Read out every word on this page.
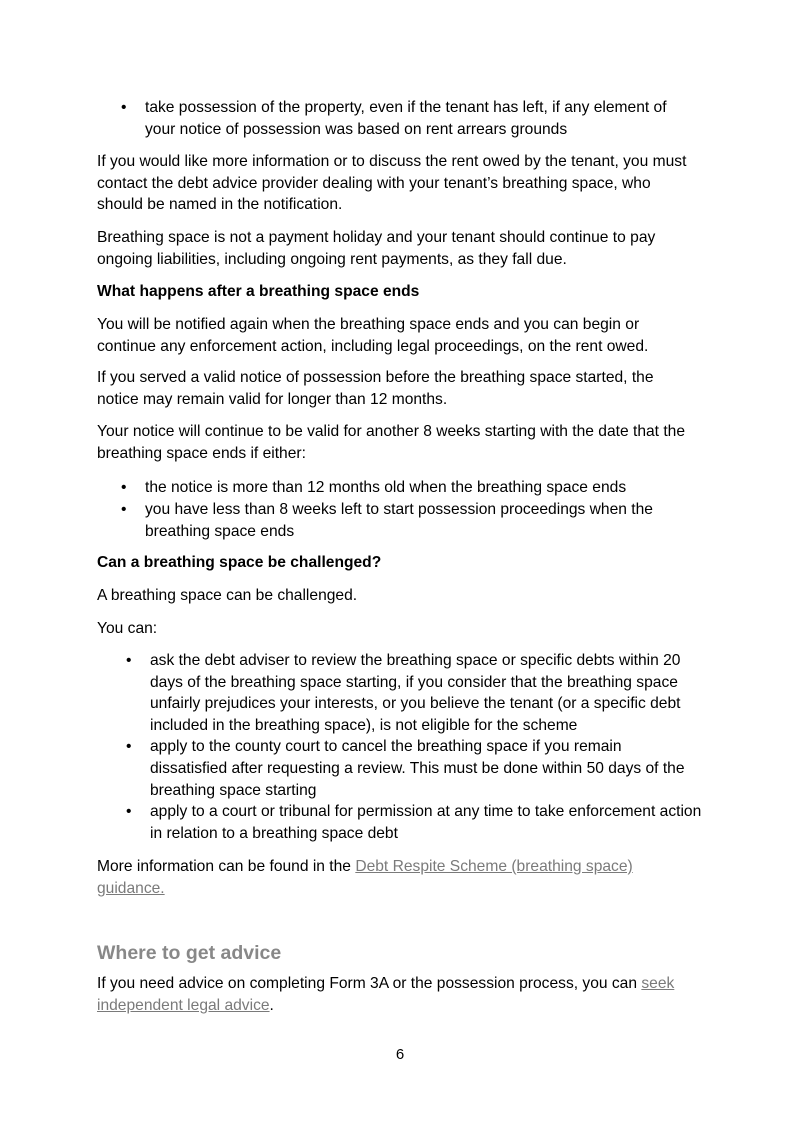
• take possession of the property, even if the tenant has left, if any element of your notice of possession was based on rent arrears grounds

If you would like more information or to discuss the rent owed by the tenant, you must contact the debt advice provider dealing with your tenant’s breathing space, who should be named in the notification.

Breathing space is not a payment holiday and your tenant should continue to pay ongoing liabilities, including ongoing rent payments, as they fall due.

What happens after a breathing space ends

You will be notified again when the breathing space ends and you can begin or continue any enforcement action, including legal proceedings, on the rent owed.

If you served a valid notice of possession before the breathing space started, the notice may remain valid for longer than 12 months.

Your notice will continue to be valid for another 8 weeks starting with the date that the breathing space ends if either:

• the notice is more than 12 months old when the breathing space ends
• you have less than 8 weeks left to start possession proceedings when the breathing space ends

Can a breathing space be challenged?

A breathing space can be challenged.

You can:

• ask the debt adviser to review the breathing space or specific debts within 20 days of the breathing space starting, if you consider that the breathing space unfairly prejudices your interests, or you believe the tenant (or a specific debt included in the breathing space), is not eligible for the scheme
• apply to the county court to cancel the breathing space if you remain dissatisfied after requesting a review. This must be done within 50 days of the breathing space starting
• apply to a court or tribunal for permission at any time to take enforcement action in relation to a breathing space debt

More information can be found in the Debt Respite Scheme (breathing space) guidance.

Where to get advice

If you need advice on completing Form 3A or the possession process, you can seek independent legal advice.

6
